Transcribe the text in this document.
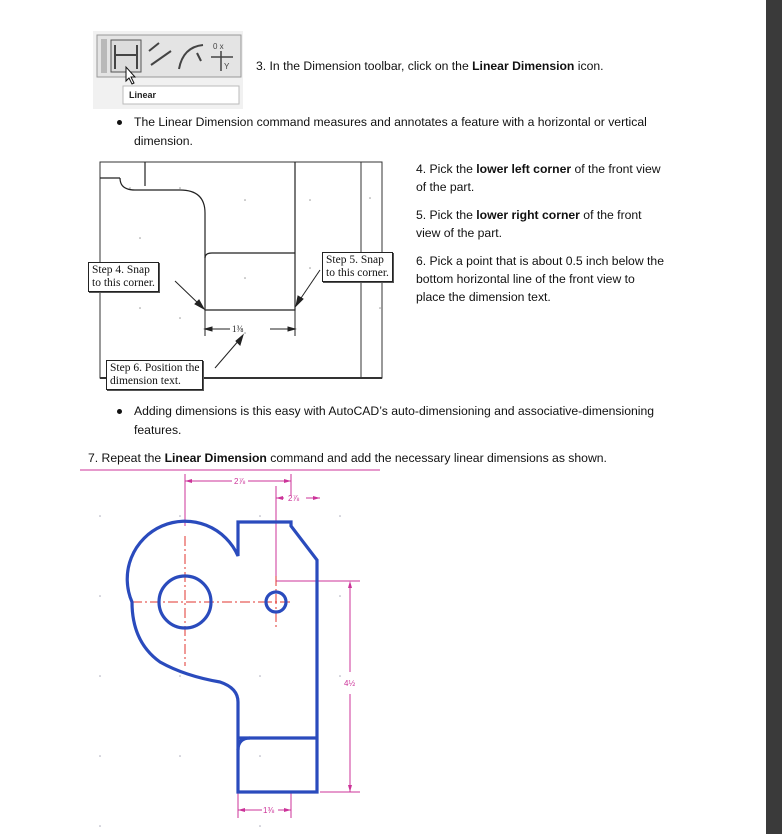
0 x
Y
Linear
3. In the Dimension toolbar, click on the Linear Dimension icon.
The Linear Dimension command measures and annotates a feature with a horizontal or vertical
dimension.
1⅜
Step 4. Snap
to this corner.
Step 5. Snap
to this corner.
Step 6. Position the
dimension text.
4. Pick the lower left corner of the front view
of the part.
5. Pick the lower right corner of the front
view of the part.
6. Pick a point that is about 0.5 inch below the
bottom horizontal line of the front view to
place the dimension text.
Adding dimensions is this easy with AutoCAD’s auto-dimensioning and associative-dimensioning
features.
7. Repeat the Linear Dimension command and add the necessary linear dimensions as shown.
2⅞
2⅞
4½
1⅜
